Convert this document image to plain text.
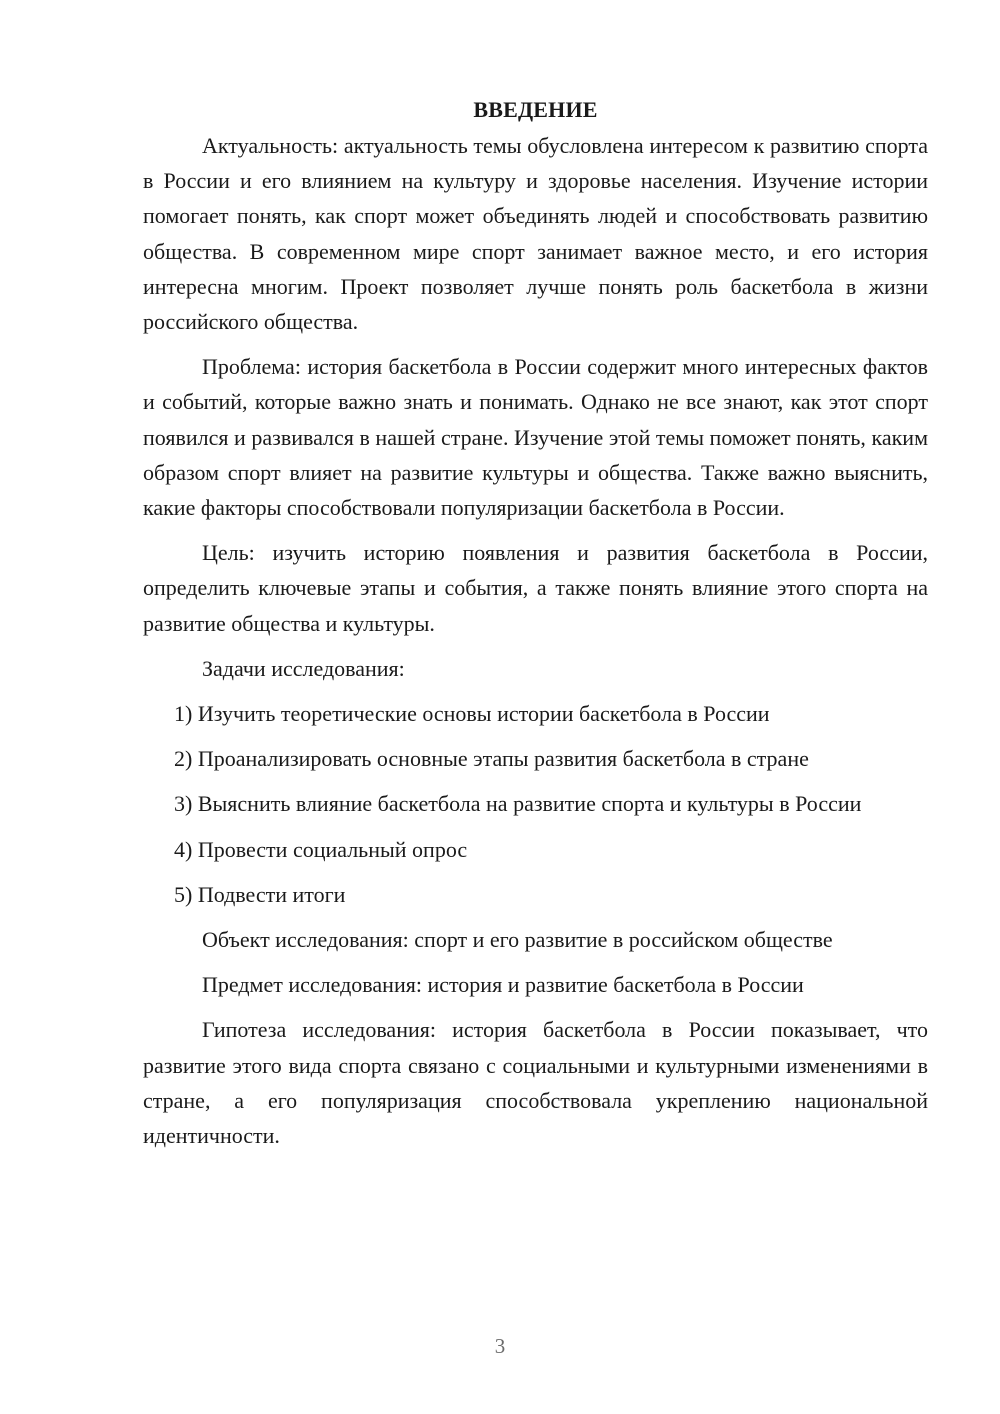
ВВЕДЕНИЕ

Актуальность: актуальность темы обусловлена интересом к развитию спорта в России и его влиянием на культуру и здоровье населения. Изучение истории помогает понять, как спорт может объединять людей и способствовать развитию общества. В современном мире спорт занимает важное место, и его история интересна многим. Проект позволяет лучше понять роль баскетбола в жизни российского общества.

Проблема: история баскетбола в России содержит много интересных фактов и событий, которые важно знать и понимать. Однако не все знают, как этот спорт появился и развивался в нашей стране. Изучение этой темы поможет понять, каким образом спорт влияет на развитие культуры и общества. Также важно выяснить, какие факторы способствовали популяризации баскетбола в России.

Цель: изучить историю появления и развития баскетбола в России, определить ключевые этапы и события, а также понять влияние этого спорта на развитие общества и культуры.

Задачи исследования:

1) Изучить теоретические основы истории баскетбола в России

2) Проанализировать основные этапы развития баскетбола в стране

3) Выяснить влияние баскетбола на развитие спорта и культуры в России

4) Провести социальный опрос

5) Подвести итоги

Объект исследования: спорт и его развитие в российском обществе

Предмет исследования: история и развитие баскетбола в России

Гипотеза исследования: история баскетбола в России показывает, что развитие этого вида спорта связано с социальными и культурными изменениями в стране, а его популяризация способствовала укреплению национальной идентичности.

3
